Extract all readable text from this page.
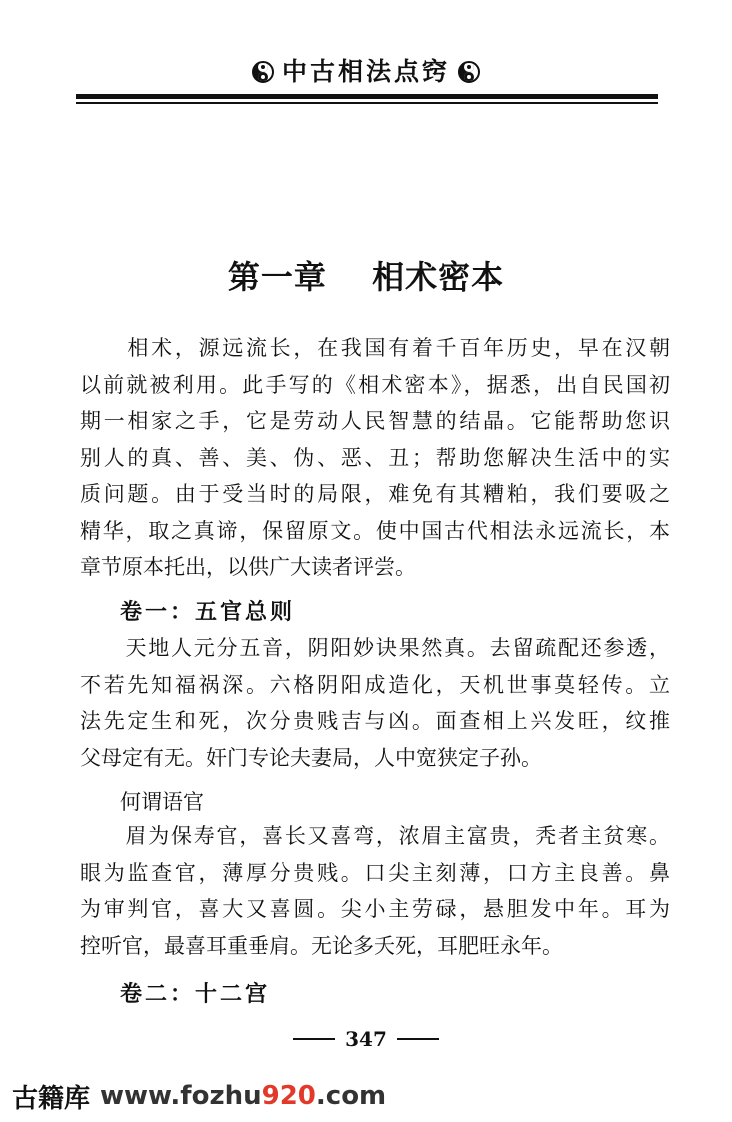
中古相法点窍
第一章　 相术密本
　　相术，源远流长，在我国有着千百年历史，早在汉朝
以前就被利用。此手写的《相术密本》，据悉，出自民国初
期一相家之手，它是劳动人民智慧的结晶。它能帮助您识
别人的真、善、美、伪、恶、丑；帮助您解决生活中的实
质问题。由于受当时的局限，难免有其糟粕，我们要吸之
精华，取之真谛，保留原文。使中国古代相法永远流长，本
章节原本托出，以供广大读者评尝。
卷一：五官总则
　　天地人元分五音，阴阳妙诀果然真。去留疏配还参透，
不若先知福祸深。六格阴阳成造化，天机世事莫轻传。立
法先定生和死，次分贵贱吉与凶。面查相上兴发旺，纹推
父母定有无。奸门专论夫妻局，人中宽狭定子孙。
何谓语官
　　眉为保寿官，喜长又喜弯，浓眉主富贵，秃者主贫寒。
眼为监查官，薄厚分贵贱。口尖主刻薄，口方主良善。鼻
为审判官，喜大又喜圆。尖小主劳碌，悬胆发中年。耳为
控听官，最喜耳重垂肩。无论多夭死，耳肥旺永年。
卷二：十二宫
347
古籍库 www.fozhu920.com
